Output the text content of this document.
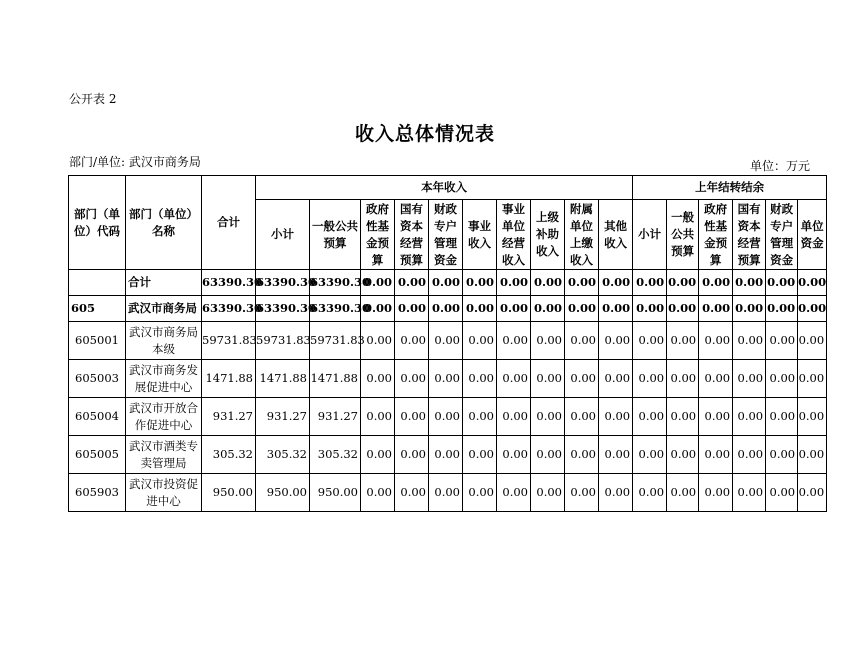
公开表 2
收入总体情况表
部门/单位: 武汉市商务局	单位：万元
部门（单位）代码	部门（单位）名称	合计	本年收入										上年结转结余					
			小计	一般公共预算	政府性基金预算	国有资本经营预算	财政专户管理资金	事业收入	事业单位经营收入	上级补助收入	附属单位上缴收入	其他收入	小计	一般公共预算	政府性基金预算	国有资本经营预算	财政专户管理资金	单位资金
	合计	63390.30	63390.30	63390.30	0.00	0.00	0.00	0.00	0.00	0.00	0.00	0.00	0.00	0.00	0.00	0.00	0.00	0.00
605	武汉市商务局	63390.30	63390.30	63390.30	0.00	0.00	0.00	0.00	0.00	0.00	0.00	0.00	0.00	0.00	0.00	0.00	0.00	0.00
605001	武汉市商务局本级	59731.83	59731.83	59731.83	0.00	0.00	0.00	0.00	0.00	0.00	0.00	0.00	0.00	0.00	0.00	0.00	0.00	0.00
605003	武汉市商务发展促进中心	1471.88	1471.88	1471.88	0.00	0.00	0.00	0.00	0.00	0.00	0.00	0.00	0.00	0.00	0.00	0.00	0.00	0.00
605004	武汉市开放合作促进中心	931.27	931.27	931.27	0.00	0.00	0.00	0.00	0.00	0.00	0.00	0.00	0.00	0.00	0.00	0.00	0.00	0.00
605005	武汉市酒类专卖管理局	305.32	305.32	305.32	0.00	0.00	0.00	0.00	0.00	0.00	0.00	0.00	0.00	0.00	0.00	0.00	0.00	0.00
605903	武汉市投资促进中心	950.00	950.00	950.00	0.00	0.00	0.00	0.00	0.00	0.00	0.00	0.00	0.00	0.00	0.00	0.00	0.00	0.00
